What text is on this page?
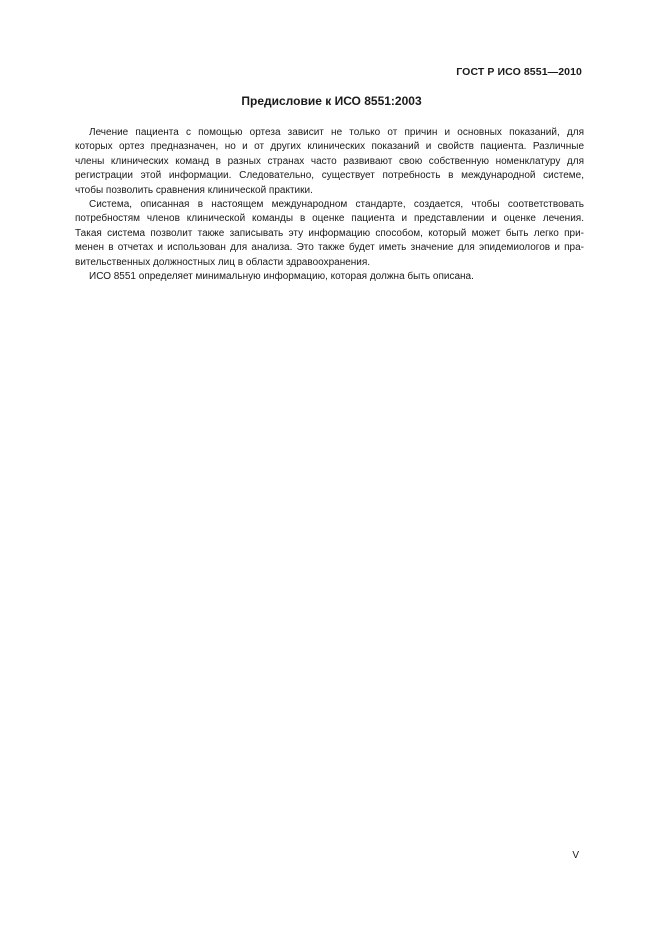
ГОСТ Р ИСО 8551—2010
Предисловие к ИСО 8551:2003

Лечение пациента с помощью ортеза зависит не только от причин и основных показаний, для
которых ортез предназначен, но и от других клинических показаний и свойств пациента. Различные
члены клинических команд в разных странах часто развивают свою собственную номенклатуру для
регистрации этой информации. Следовательно, существует потребность в международной системе,
чтобы позволить сравнения клинической практики.

Система, описанная в настоящем международном стандарте, создается, чтобы соответствовать
потребностям членов клинической команды в оценке пациента и представлении и оценке лечения.
Такая система позволит также записывать эту информацию способом, который может быть легко при-
менен в отчетах и использован для анализа. Это также будет иметь значение для эпидемиологов и пра-
вительственных должностных лиц в области здравоохранения.

ИСО 8551 определяет минимальную информацию, которая должна быть описана.

V
